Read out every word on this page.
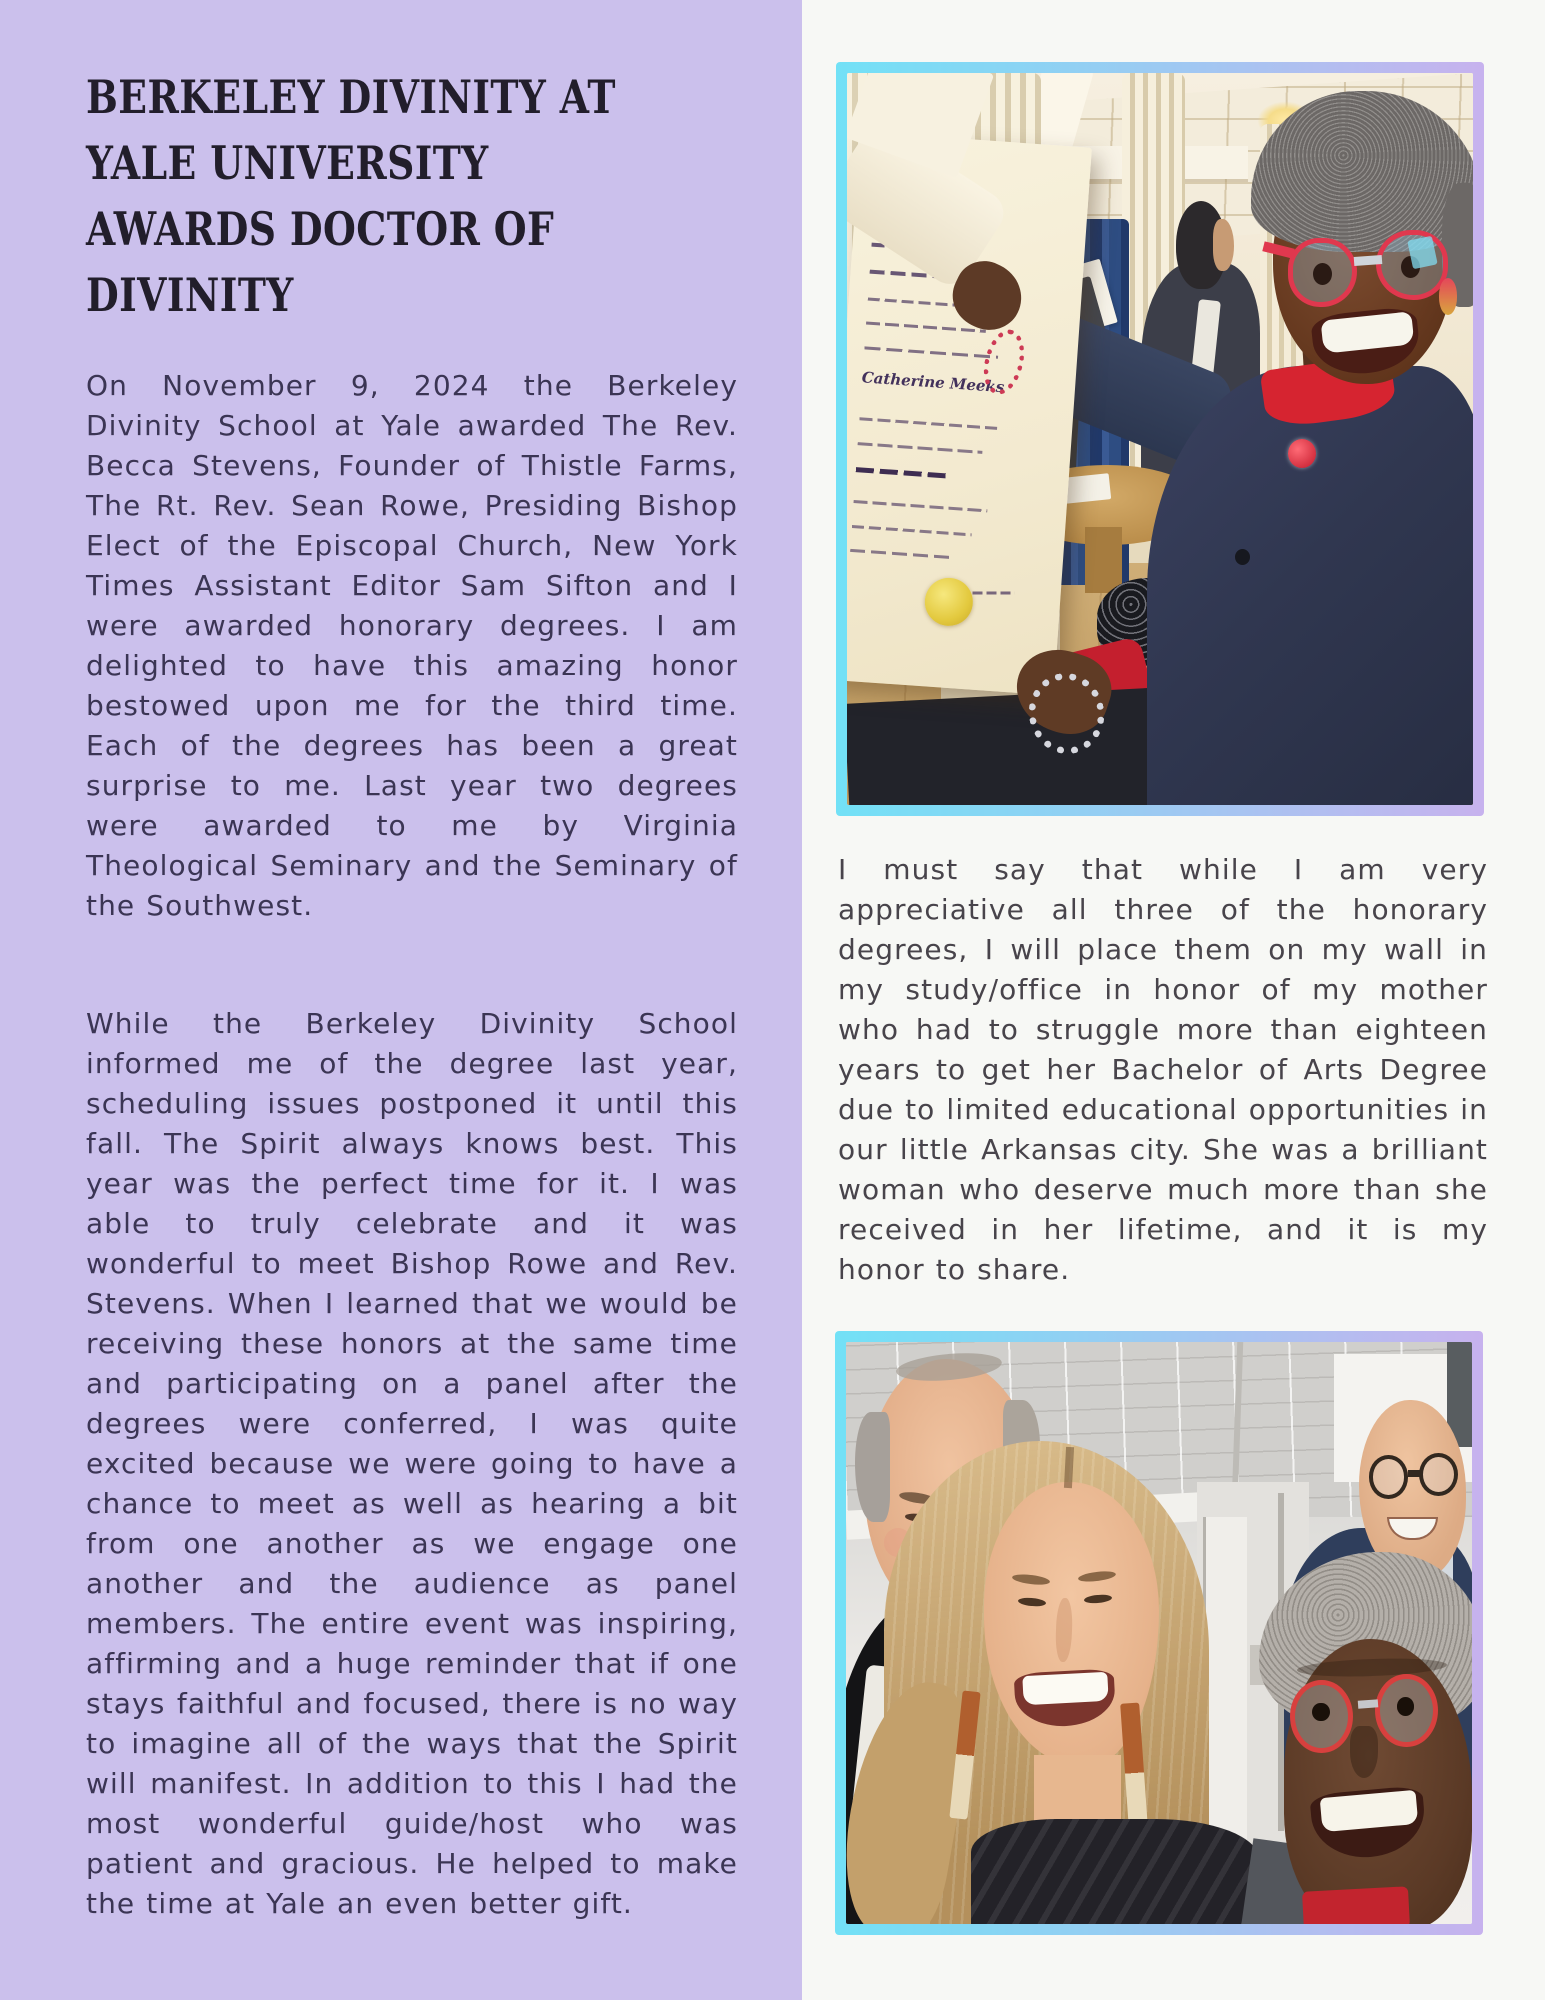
BERKELEY DIVINITY AT
YALE UNIVERSITY
AWARDS DOCTOR OF
DIVINITY

On November 9, 2024 the Berkeley Divinity School at Yale awarded The Rev. Becca Stevens, Founder of Thistle Farms, The Rt. Rev. Sean Rowe, Presiding Bishop Elect of the Episcopal Church, New York Times Assistant Editor Sam Sifton and I were awarded honorary degrees. I am delighted to have this amazing honor bestowed upon me for the third time. Each of the degrees has been a great surprise to me. Last year two degrees were awarded to me by Virginia Theological Seminary and the Seminary of the Southwest.

While the Berkeley Divinity School informed me of the degree last year, scheduling issues postponed it until this fall. The Spirit always knows best. This year was the perfect time for it. I was able to truly celebrate and it was wonderful to meet Bishop Rowe and Rev. Stevens. When I learned that we would be receiving these honors at the same time and participating on a panel after the degrees were conferred, I was quite excited because we were going to have a chance to meet as well as hearing a bit from one another as we engage one another and the audience as panel members. The entire event was inspiring, affirming and a huge reminder that if one stays faithful and focused, there is no way to imagine all of the ways that the Spirit will manifest. In addition to this I had the most wonderful guide/host who was patient and gracious. He helped to make the time at Yale an even better gift.

Catherine Meeks

I must say that while I am very appreciative all three of the honorary degrees, I will place them on my wall in my study/office in honor of my mother who had to struggle more than eighteen years to get her Bachelor of Arts Degree due to limited educational opportunities in our little Arkansas city. She was a brilliant woman who deserve much more than she received in her lifetime, and it is my honor to share.
